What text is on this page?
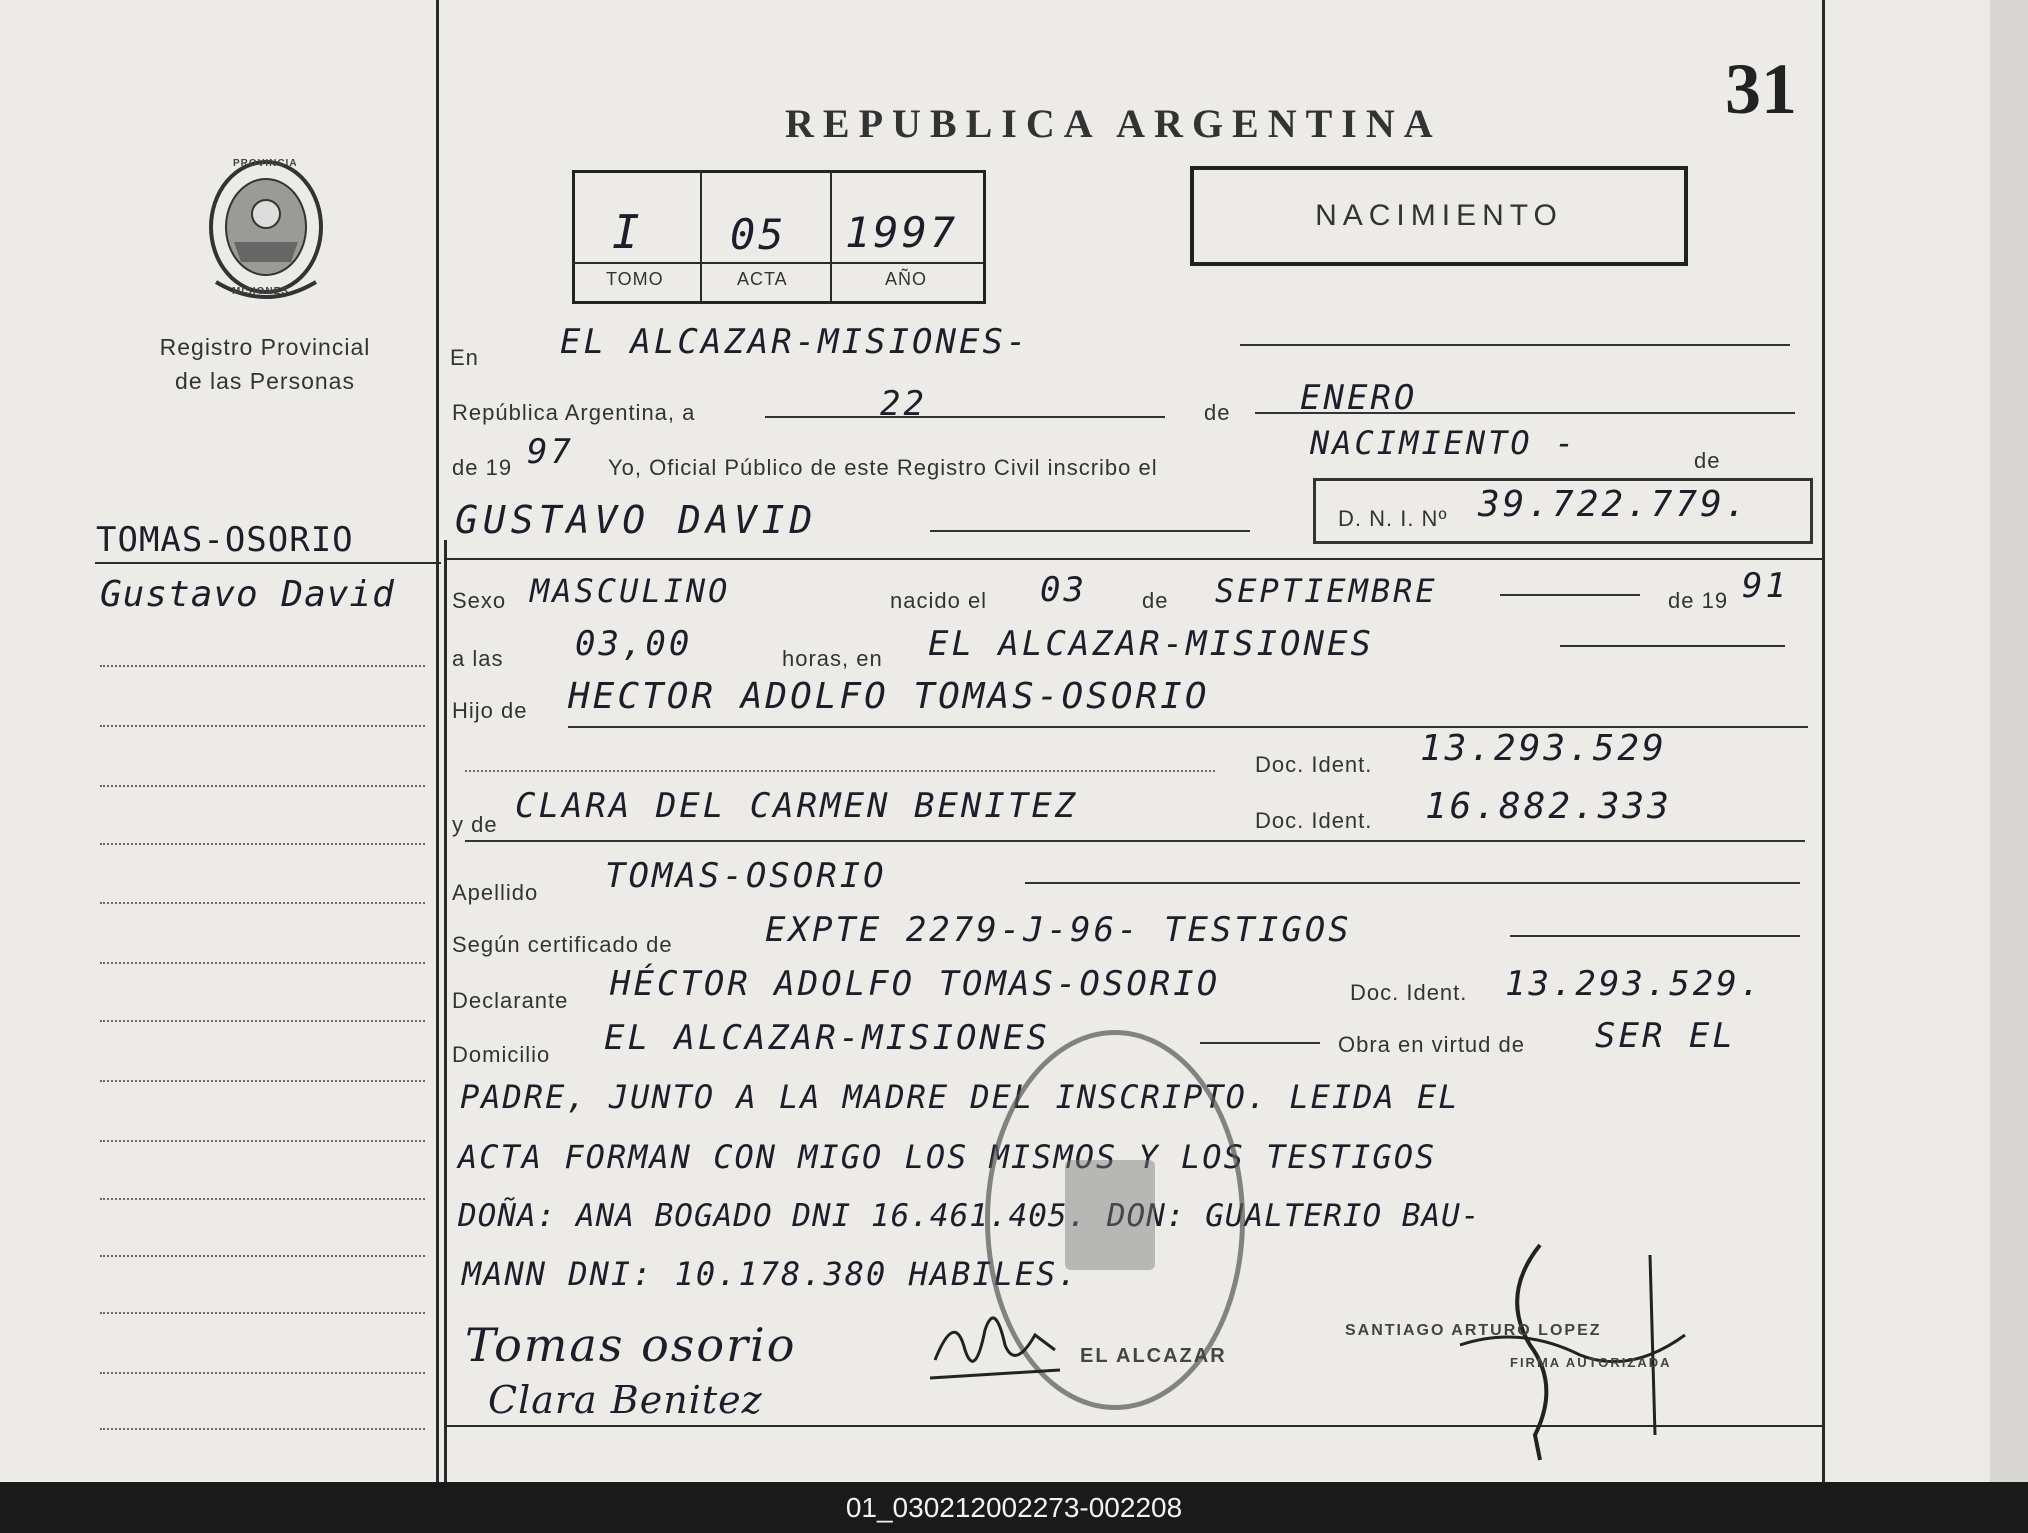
31
REPUBLICA ARGENTINA
I 05 1997
TOMO	ACTA	AÑO
NACIMIENTO
PROVINCIA
MISIONES
Registro Provincial
de las Personas
TOMAS-OSORIO
Gustavo David
En EL ALCAZAR-MISIONES-
República Argentina, a	22	de ENERO
de 19 97 Yo, Oficial Público de este Registro Civil inscribo el
NACIMIENTO -	de
GUSTAVO DAVID	D. N. I. Nº 39.722.779.
Sexo MASCULINO	nacido el 03	de SEPTIEMBRE	de 19 91
a las 03,00	horas, en EL ALCAZAR-MISIONES
Hijo de HECTOR ADOLFO TOMAS-OSORIO
Doc. Ident. 13.293.529
y de CLARA DEL CARMEN BENITEZ	Doc. Ident. 16.882.333
Apellido TOMAS-OSORIO
Según certificado de	EXPTE 2279-J-96- TESTIGOS
Declarante HÉCTOR ADOLFO TOMAS-OSORIO	Doc. Ident. 13.293.529.
Domicilio EL ALCAZAR-MISIONES	Obra en virtud de SER EL
PADRE, JUNTO A LA MADRE DEL INSCRIPTO. LEIDA EL
ACTA FORMAN CON MIGO LOS MISMOS Y LOS TESTIGOS
DOÑA: ANA BOGADO DNI 16.461.405. DON: GUALTERIO BAU-
MANN DNI: 10.178.380 HABILES.
EL ALCAZAR
Tomas osorio
Clara Benitez
SANTIAGO ARTURO LOPEZ
FIRMA AUTORIZADA
01_030212002273-002208
